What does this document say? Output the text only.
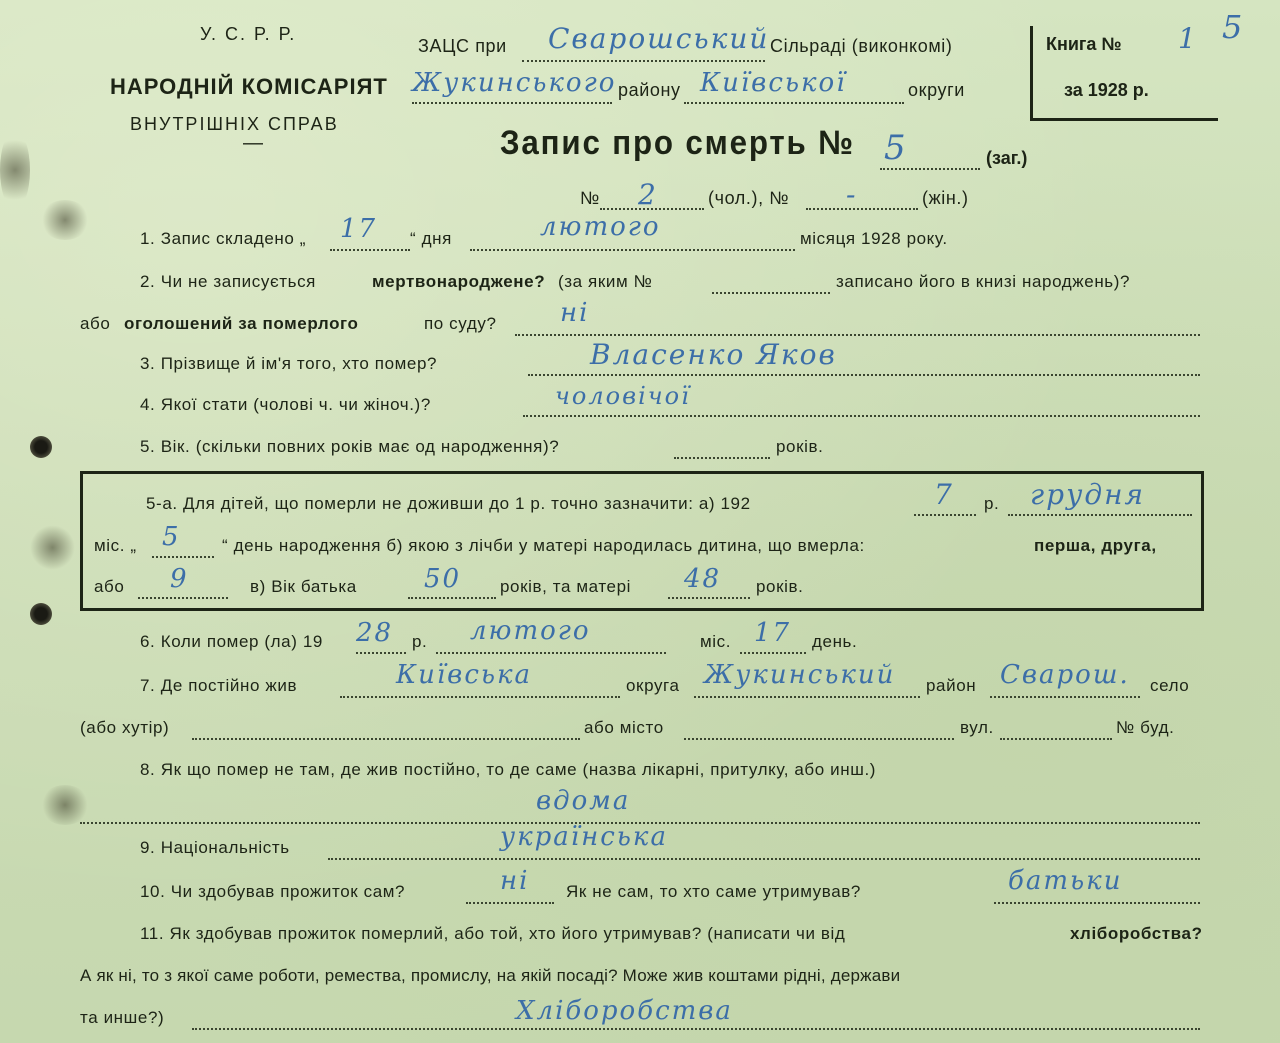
У. С. Р. Р.
НАРОДНІЙ КОМІСАРІЯТ
ВНУТРІШНІХ СПРАВ
—
ЗАЦС при Сварошський Сільраді (виконкомі)
Жукинського району Київської	округи
Книга № 1 5
за 1928 р.
Запис про смерть № 5	(заг.)
№ 2	(чол.), № -	(жін.)
1. Запис складено „ 17 “ дня	лютого	місяця 1928 року.
2. Чи не записується	мертвонароджене? (за яким №	записано його в книзі народжень)?
або оголошений за померлого	по суду? ні
3. Прізвище й ім'я того, хто помер?	Власенко Яков
4. Якої стати (чолові ч. чи жіноч.)?	чоловічої
5. Вік. (скільки повних років має од народження)?	років.
5-а. Для дітей, що померли не доживши до 1 р. точно зазначити: а) 192	7 р. грудня
міс. „ 5 “ день народження б) якою з лічби у матері народилась дитина, що вмерла:	перша, друга,
або 9	в) Вік батька	50 років, та матері 48 років.
6. Коли помер (ла) 19 28 р. лютого	міс. 17 день.
7. Де постійно жив	Київська	округа Жукинський район Сварош. село
(або хутір)	або місто	вул.	№ буд.
8. Як що помер не там, де жив постійно, то де саме (назва лікарні, притулку, або инш.)
вдома
9. Національність	українська
10. Чи здобував прожиток сам?	ні Як не сам, то хто саме утримував?	батьки
11. Як здобував прожиток померлий, або той, хто його утримував? (написати чи від	хліборобства?
А як ні, то з якої саме роботи, ремества, промислу, на якій посаді? Може жив коштами рідні, держави
та инше?)	Хліборобства
